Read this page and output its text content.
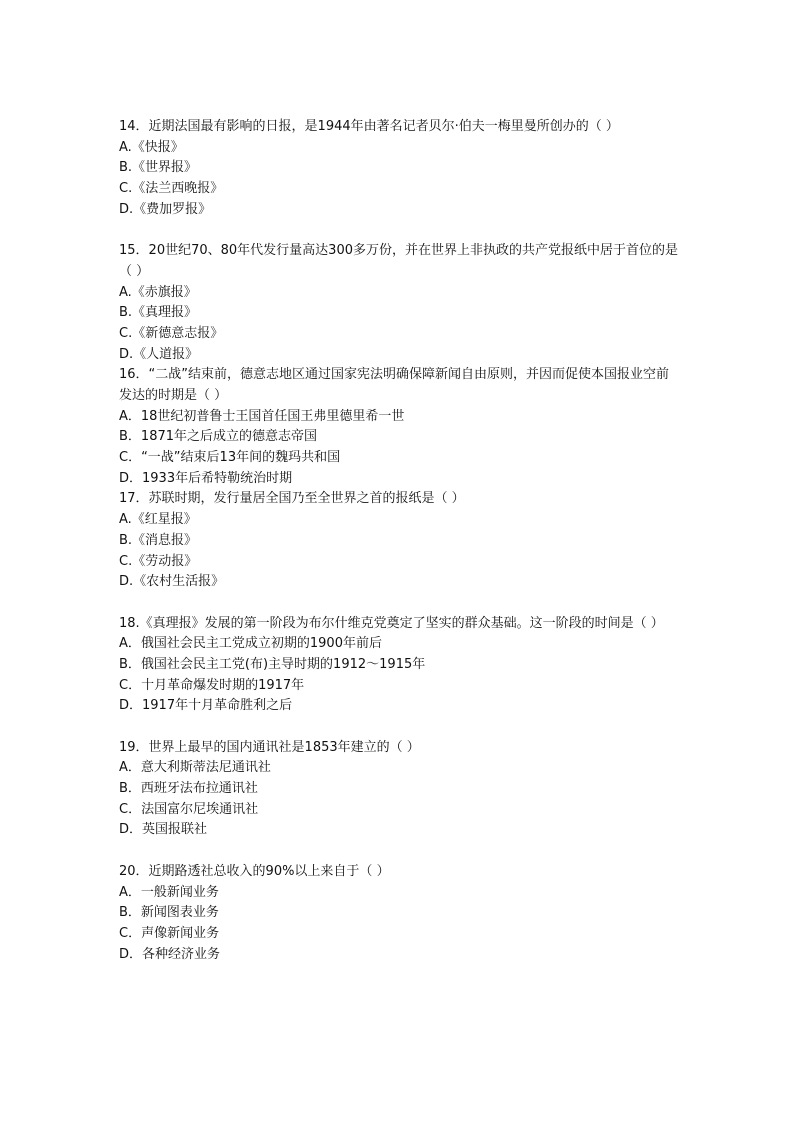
14．近期法国最有影响的日报，是1944年由著名记者贝尔·伯夫一梅里曼所创办的（ ）
A.《快报》
B.《世界报》
C.《法兰西晚报》
D.《费加罗报》
15．20世纪70、80年代发行量高达300多万份，并在世界上非执政的共产党报纸中居于首位的是（ ）
A.《赤旗报》
B.《真理报》
C.《新德意志报》
D.《人道报》
16．“二战”结束前，德意志地区通过国家宪法明确保障新闻自由原则，并因而促使本国报业空前发达的时期是（ ）
A．18世纪初普鲁士王国首任国王弗里德里希一世
B．1871年之后成立的德意志帝国
C．“一战”结束后13年间的魏玛共和国
D．1933年后希特勒统治时期
17．苏联时期，发行量居全国乃至全世界之首的报纸是（ ）
A.《红星报》
B.《消息报》
C.《劳动报》
D.《农村生活报》
18.《真理报》发展的第一阶段为布尔什维克党奠定了坚实的群众基础。这一阶段的时间是（ ）
A．俄国社会民主工党成立初期的1900年前后
B．俄国社会民主工党(布)主导时期的1912～1915年
C．十月革命爆发时期的1917年
D．1917年十月革命胜利之后
19．世界上最早的国内通讯社是1853年建立的（ ）
A．意大利斯蒂法尼通讯社
B．西班牙法布拉通讯社
C．法国富尔尼埃通讯社
D．英国报联社
20．近期路透社总收入的90%以上来自于（ ）
A．一般新闻业务
B．新闻图表业务
C．声像新闻业务
D．各种经济业务
